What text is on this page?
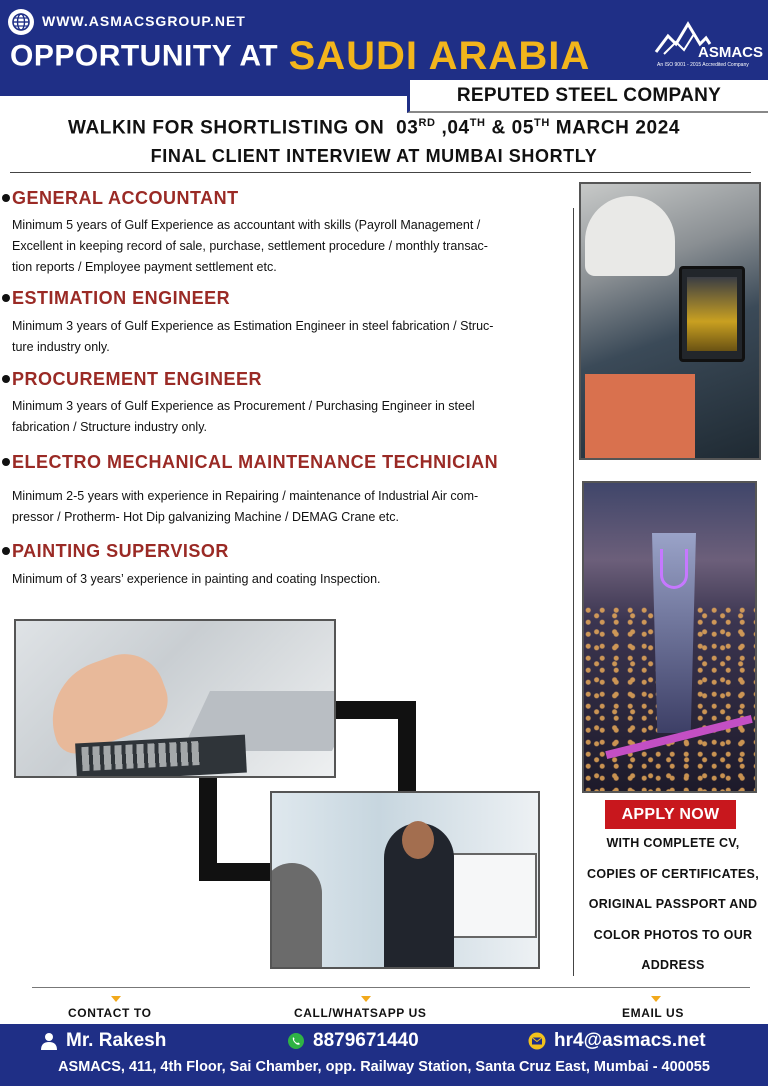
WWW.ASMACSGROUP.NET
OPPORTUNITY AT SAUDI ARABIA	ASMACS
An ISO 9001 - 2015 Accredited Company
REPUTED STEEL COMPANY
WALKIN FOR SHORTLISTING ON 03RD ,04TH & 05TH MARCH 2024
FINAL CLIENT INTERVIEW AT MUMBAI SHORTLY
GENERAL ACCOUNTANT
Minimum 5 years of Gulf Experience as accountant with skills (Payroll Management /
Excellent in keeping record of sale, purchase, settlement procedure / monthly transac-
tion reports / Employee payment settlement etc.
ESTIMATION ENGINEER
Minimum 3 years of Gulf Experience as Estimation Engineer in steel fabrication / Struc-
ture industry only.
PROCUREMENT ENGINEER
Minimum 3 years of Gulf Experience as Procurement / Purchasing Engineer in steel
fabrication / Structure industry only.
ELECTRO MECHANICAL MAINTENANCE TECHNICIAN
Minimum 2-5 years with experience in Repairing / maintenance of Industrial Air com-
pressor / Protherm- Hot Dip galvanizing Machine / DEMAG Crane etc.
PAINTING SUPERVISOR
Minimum of 3 years’ experience in painting and coating Inspection.
APPLY NOW
WITH COMPLETE CV,
COPIES OF CERTIFICATES,
ORIGINAL PASSPORT AND
COLOR PHOTOS TO OUR
ADDRESS
CONTACT TO	CALL/WHATSAPP US	EMAIL US
Mr. Rakesh	8879671440	hr4@asmacs.net
ASMACS, 411, 4th Floor, Sai Chamber, opp. Railway Station, Santa Cruz East, Mumbai - 400055
